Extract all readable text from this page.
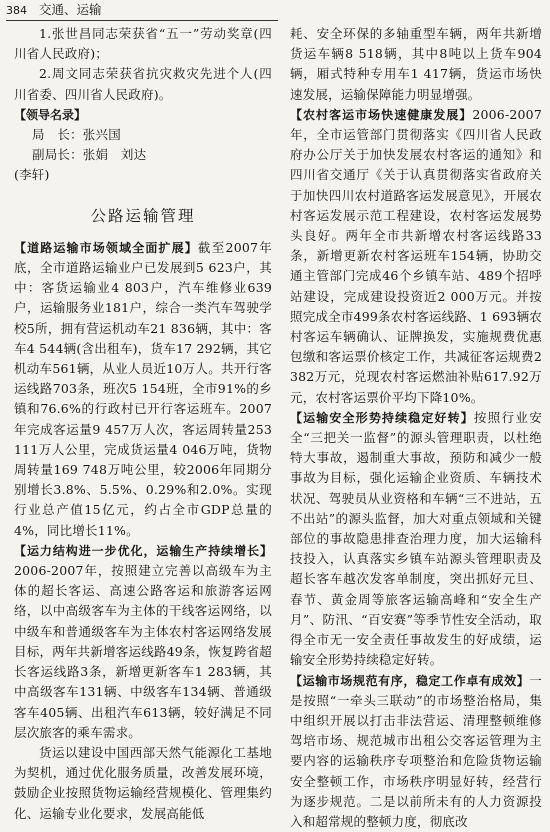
384 交通、运输

1.张世昌同志荣获省“五一”劳动奖章(四川省人民政府)；

2.周文同志荣获省抗灾救灾先进个人(四川省委、四川省人民政府)。

【领导名录】

局　长：张兴国

副局长：张娟　刘达

(李轩)

公路运输管理

【道路运输市场领域全面扩展】截至2007年底，全市道路运输业户已发展到5 623户，其中：客货运输业4 803户，汽车维修业639户，运输服务业181户，综合一类汽车驾驶学校5所，拥有营运机动车21 836辆，其中：客车4 544辆(含出租车)，货车17 292辆，其它机动车561辆，从业人员近10万人。共开行客运线路703条，班次5 154班，全市91%的乡镇和76.6%的行政村已开行客运班车。2007年完成客运量9 457万人次，客运周转量253 111万人公里，完成货运量4 046万吨，货物周转量169 748万吨公里，较2006年同期分别增长3.8%、5.5%、0.29%和2.0%。实现行业总产值15亿元，约占全市GDP总量的4%，同比增长11%。

【运力结构进一步优化，运输生产持续增长】2006-2007年，按照建立完善以高级车为主体的超长客运、高速公路客运和旅游客运网络，以中高级客车为主体的干线客运网络，以中级车和普通级客车为主体农村客运网络发展目标，两年共新增客运线路49条，恢复跨省超长客运线路3条，新增更新客车1 283辆，其中高级客车131辆、中级客车134辆、普通级客车405辆、出租汽车613辆，较好满足不同层次旅客的乘车需求。

货运以建设中国西部天然气能源化工基地为契机，通过优化服务质量，改善发展环境，鼓励企业按照货物运输经营规模化、管理集约化、运输专业化要求，发展高能低

耗、安全环保的多轴重型车辆，两年共新增货运车辆8 518辆，其中8吨以上货车904辆，厢式特种专用车1 417辆，货运市场快速发展，运输保障能力明显增强。

【农村客运市场快速健康发展】2006-2007年，全市运管部门贯彻落实《四川省人民政府办公厅关于加快发展农村客运的通知》和四川省交通厅《关于认真贯彻落实省政府关于加快四川农村道路客运发展意见》，开展农村客运发展示范工程建设，农村客运发展势头良好。两年全市共新增农村客运线路33条，新增更新农村客运班车154辆，协助交通主管部门完成46个乡镇车站、489个招呼站建设，完成建设投资近2 000万元。并按照完成全市499条农村客运线路、1 693辆农村客运车辆确认、证牌换发，实施规费优惠包缴和客运票价核定工作，共减征客运规费2 382万元，兑现农村客运燃油补贴617.92万元，农村客运票价平均下降10%。

【运输安全形势持续稳定好转】按照行业安全“三把关一监督”的源头管理职责，以杜绝特大事故，遏制重大事故，预防和减少一般事故为目标，强化运输企业资质、车辆技术状况、驾驶员从业资格和车辆“三不进站，五不出站”的源头监督，加大对重点领域和关键部位的事故隐患排查治理力度，加大运输科技投入，认真落实乡镇车站源头管理职责及超长客车越次发客单制度，突出抓好元旦、春节、黄金周等旅客运输高峰和“安全生产月”、防汛、“百安赛”等季节性安全活动，取得全市无一安全责任事故发生的好成绩，运输安全形势持续稳定好转。

【运输市场规范有序，稳定工作卓有成效】一是按照“一牵头三联动”的市场整治格局，集中组织开展以打击非法营运、清理整顿维修驾培市场、规范城市出租公交客运管理为主要内容的运输秩序专项整治和危险货物运输安全整顿工作，市场秩序明显好转，经营行为逐步规范。二是以前所未有的人力资源投入和超常规的整顿力度，彻底改
